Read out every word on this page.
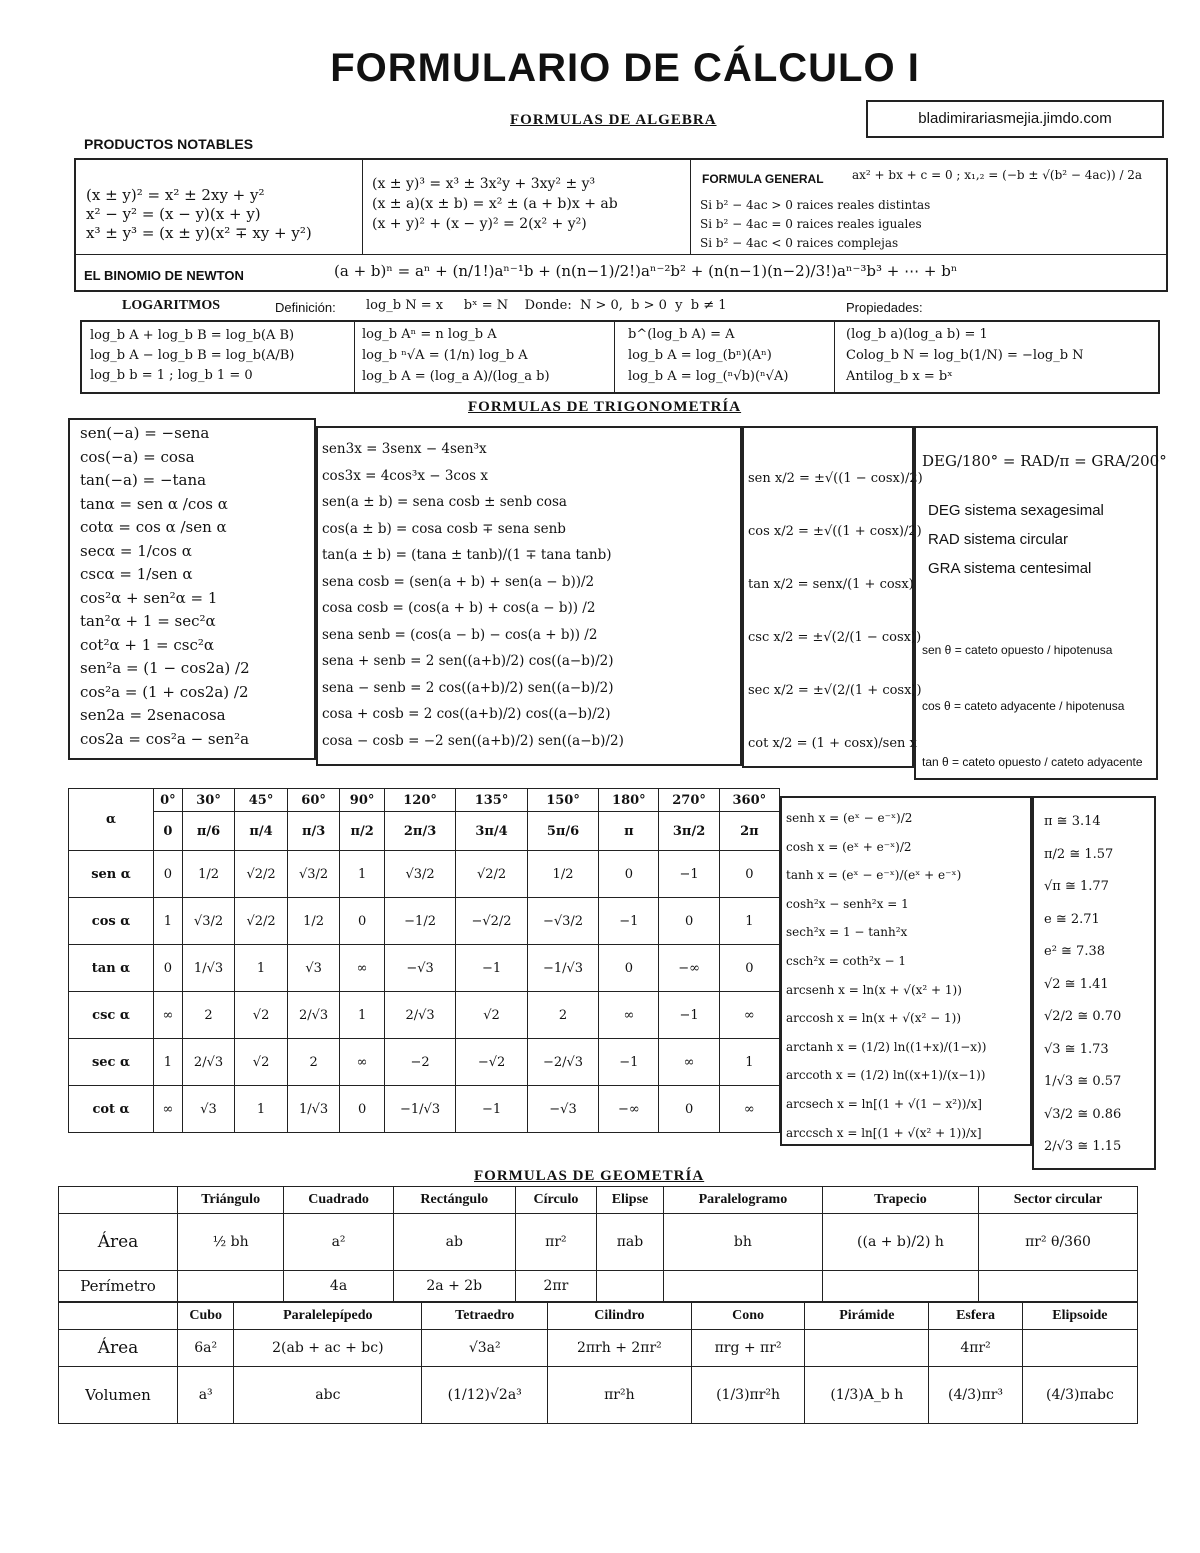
FORMULARIO DE CÁLCULO I
FORMULAS DE ALGEBRA	bladimirariasmejia.jimdo.com
PRODUCTOS NOTABLES
(x ± y)² = x² ± 2xy + y²
x² − y² = (x − y)(x + y)
x³ ± y³ = (x ± y)(x² ∓ xy + y²)
(x ± y)³ = x³ ± 3x²y + 3xy² ± y³
(x ± a)(x ± b) = x² ± (a + b)x + ab
(x + y)² + (x − y)² = 2(x² + y²)
FORMULA GENERAL ax² + bx + c = 0 ; x₁,₂ = (−b ± √(b² − 4ac)) / 2a
Si b² − 4ac > 0 raices reales distintas
Si b² − 4ac = 0 raices reales iguales
Si b² − 4ac < 0 raices complejas
EL BINOMIO DE NEWTON	(a + b)ⁿ = aⁿ + (n/1!)aⁿ⁻¹b + (n(n−1)/2!)aⁿ⁻²b² + (n(n−1)(n−2)/3!)aⁿ⁻³b³ + ⋯ + bⁿ
LOGARITMOS	Definición: log_b N = x     bˣ = N    Donde:  N > 0,  b > 0  y  b ≠ 1	Propiedades:
log_b A + log_b B = log_b(A B)
log_b A − log_b B = log_b(A/B)
log_b b = 1 ; log_b 1 = 0
log_b Aⁿ = n log_b A
log_b ⁿ√A = (1/n) log_b A
log_b A = (log_a A)/(log_a b)
b^(log_b A) = A
log_b A = log_(bⁿ)(Aⁿ)
log_b A = log_(ⁿ√b)(ⁿ√A)
(log_b a)(log_a b) = 1
Colog_b N = log_b(1/N) = −log_b N
Antilog_b x = bˣ
FORMULAS DE TRIGONOMETRÍA
sen(−a) = −sena
cos(−a) = cosa
tan(−a) = −tana
tanα = sen α /cos α
cotα = cos α /sen α
secα = 1/cos α
cscα = 1/sen α
cos²α + sen²α = 1
tan²α + 1 = sec²α
cot²α + 1 = csc²α
sen²a = (1 − cos2a) /2
cos²a = (1 + cos2a) /2
sen2a = 2senacosa
cos2a = cos²a − sen²a
sen3x = 3senx − 4sen³x
cos3x = 4cos³x − 3cos x
sen(a ± b) = sena cosb ± senb cosa
cos(a ± b) = cosa cosb ∓ sena senb
tan(a ± b) = (tana ± tanb)/(1 ∓ tana tanb)
sena cosb = (sen(a + b) + sen(a − b))/2
cosa cosb = (cos(a + b) + cos(a − b)) /2
sena senb = (cos(a − b) − cos(a + b)) /2
sena + senb = 2 sen((a+b)/2) cos((a−b)/2)
sena − senb = 2 cos((a+b)/2) sen((a−b)/2)
cosa + cosb = 2 cos((a+b)/2) cos((a−b)/2)
cosa − cosb = −2 sen((a+b)/2) sen((a−b)/2)
sen x/2 = ±√((1 − cosx)/2)
cos x/2 = ±√((1 + cosx)/2)
tan x/2 = senx/(1 + cosx)
csc x/2 = ±√(2/(1 − cosx))
sec x/2 = ±√(2/(1 + cosx))
cot x/2 = (1 + cosx)/sen x
DEG/180° = RAD/π = GRA/200°
DEG sistema sexagesimal
RAD sistema circular
GRA sistema centesimal
sen θ = cateto opuesto / hipotenusa
cos θ = cateto adyacente / hipotenusa
tan θ = cateto opuesto / cateto adyacente
α	0°	30°	45°	60°	90°	120°	135°	150°	180°	270°	360°
	0	π/6	π/4	π/3	π/2	2π/3	3π/4	5π/6	π	3π/2	2π
sen α	0	1/2	√2/2	√3/2	1	√3/2	√2/2	1/2	0	−1	0
cos α	1	√3/2	√2/2	1/2	0	−1/2	−√2/2	−√3/2	−1	0	1
tan α	0	1/√3	1	√3	∞	−√3	−1	−1/√3	0	−∞	0
csc α	∞	2	√2	2/√3	1	2/√3	√2	2	∞	−1	∞
sec α	1	2/√3	√2	2	∞	−2	−√2	−2/√3	−1	∞	1
cot α	∞	√3	1	1/√3	0	−1/√3	−1	−√3	−∞	0	∞
senh x = (eˣ − e⁻ˣ)/2
cosh x = (eˣ + e⁻ˣ)/2
tanh x = (eˣ − e⁻ˣ)/(eˣ + e⁻ˣ)
cosh²x − senh²x = 1
sech²x = 1 − tanh²x
csch²x = coth²x − 1
arcsenh x = ln(x + √(x² + 1))
arccosh x = ln(x + √(x² − 1))
arctanh x = (1/2) ln((1+x)/(1−x))
arccoth x = (1/2) ln((x+1)/(x−1))
arcsech x = ln[(1 + √(1 − x²))/x]
arccsch x = ln[(1 + √(x² + 1))/x]
π ≅ 3.14
π/2 ≅ 1.57
√π ≅ 1.77
e ≅ 2.71
e² ≅ 7.38
√2 ≅ 1.41
√2/2 ≅ 0.70
√3 ≅ 1.73
1/√3 ≅ 0.57
√3/2 ≅ 0.86
2/√3 ≅ 1.15
FORMULAS DE GEOMETRÍA
	Triángulo	Cuadrado	Rectángulo	Círculo	Elipse	Paralelogramo	Trapecio	Sector circular
Área	½ bh	a²	ab	πr²	πab	bh	((a + b)/2) h	πr² θ/360
Perímetro		4a	2a + 2b	2πr				
	Cubo	Paralelepípedo	Tetraedro	Cilindro	Cono	Pirámide	Esfera	Elipsoide
Área	6a²	2(ab + ac + bc)	√3a²	2πrh + 2πr²	πrg + πr²		4πr²	
Volumen	a³	abc	(1/12)√2a³	πr²h	(1/3)πr²h	(1/3)A_b h	(4/3)πr³	(4/3)πabc
